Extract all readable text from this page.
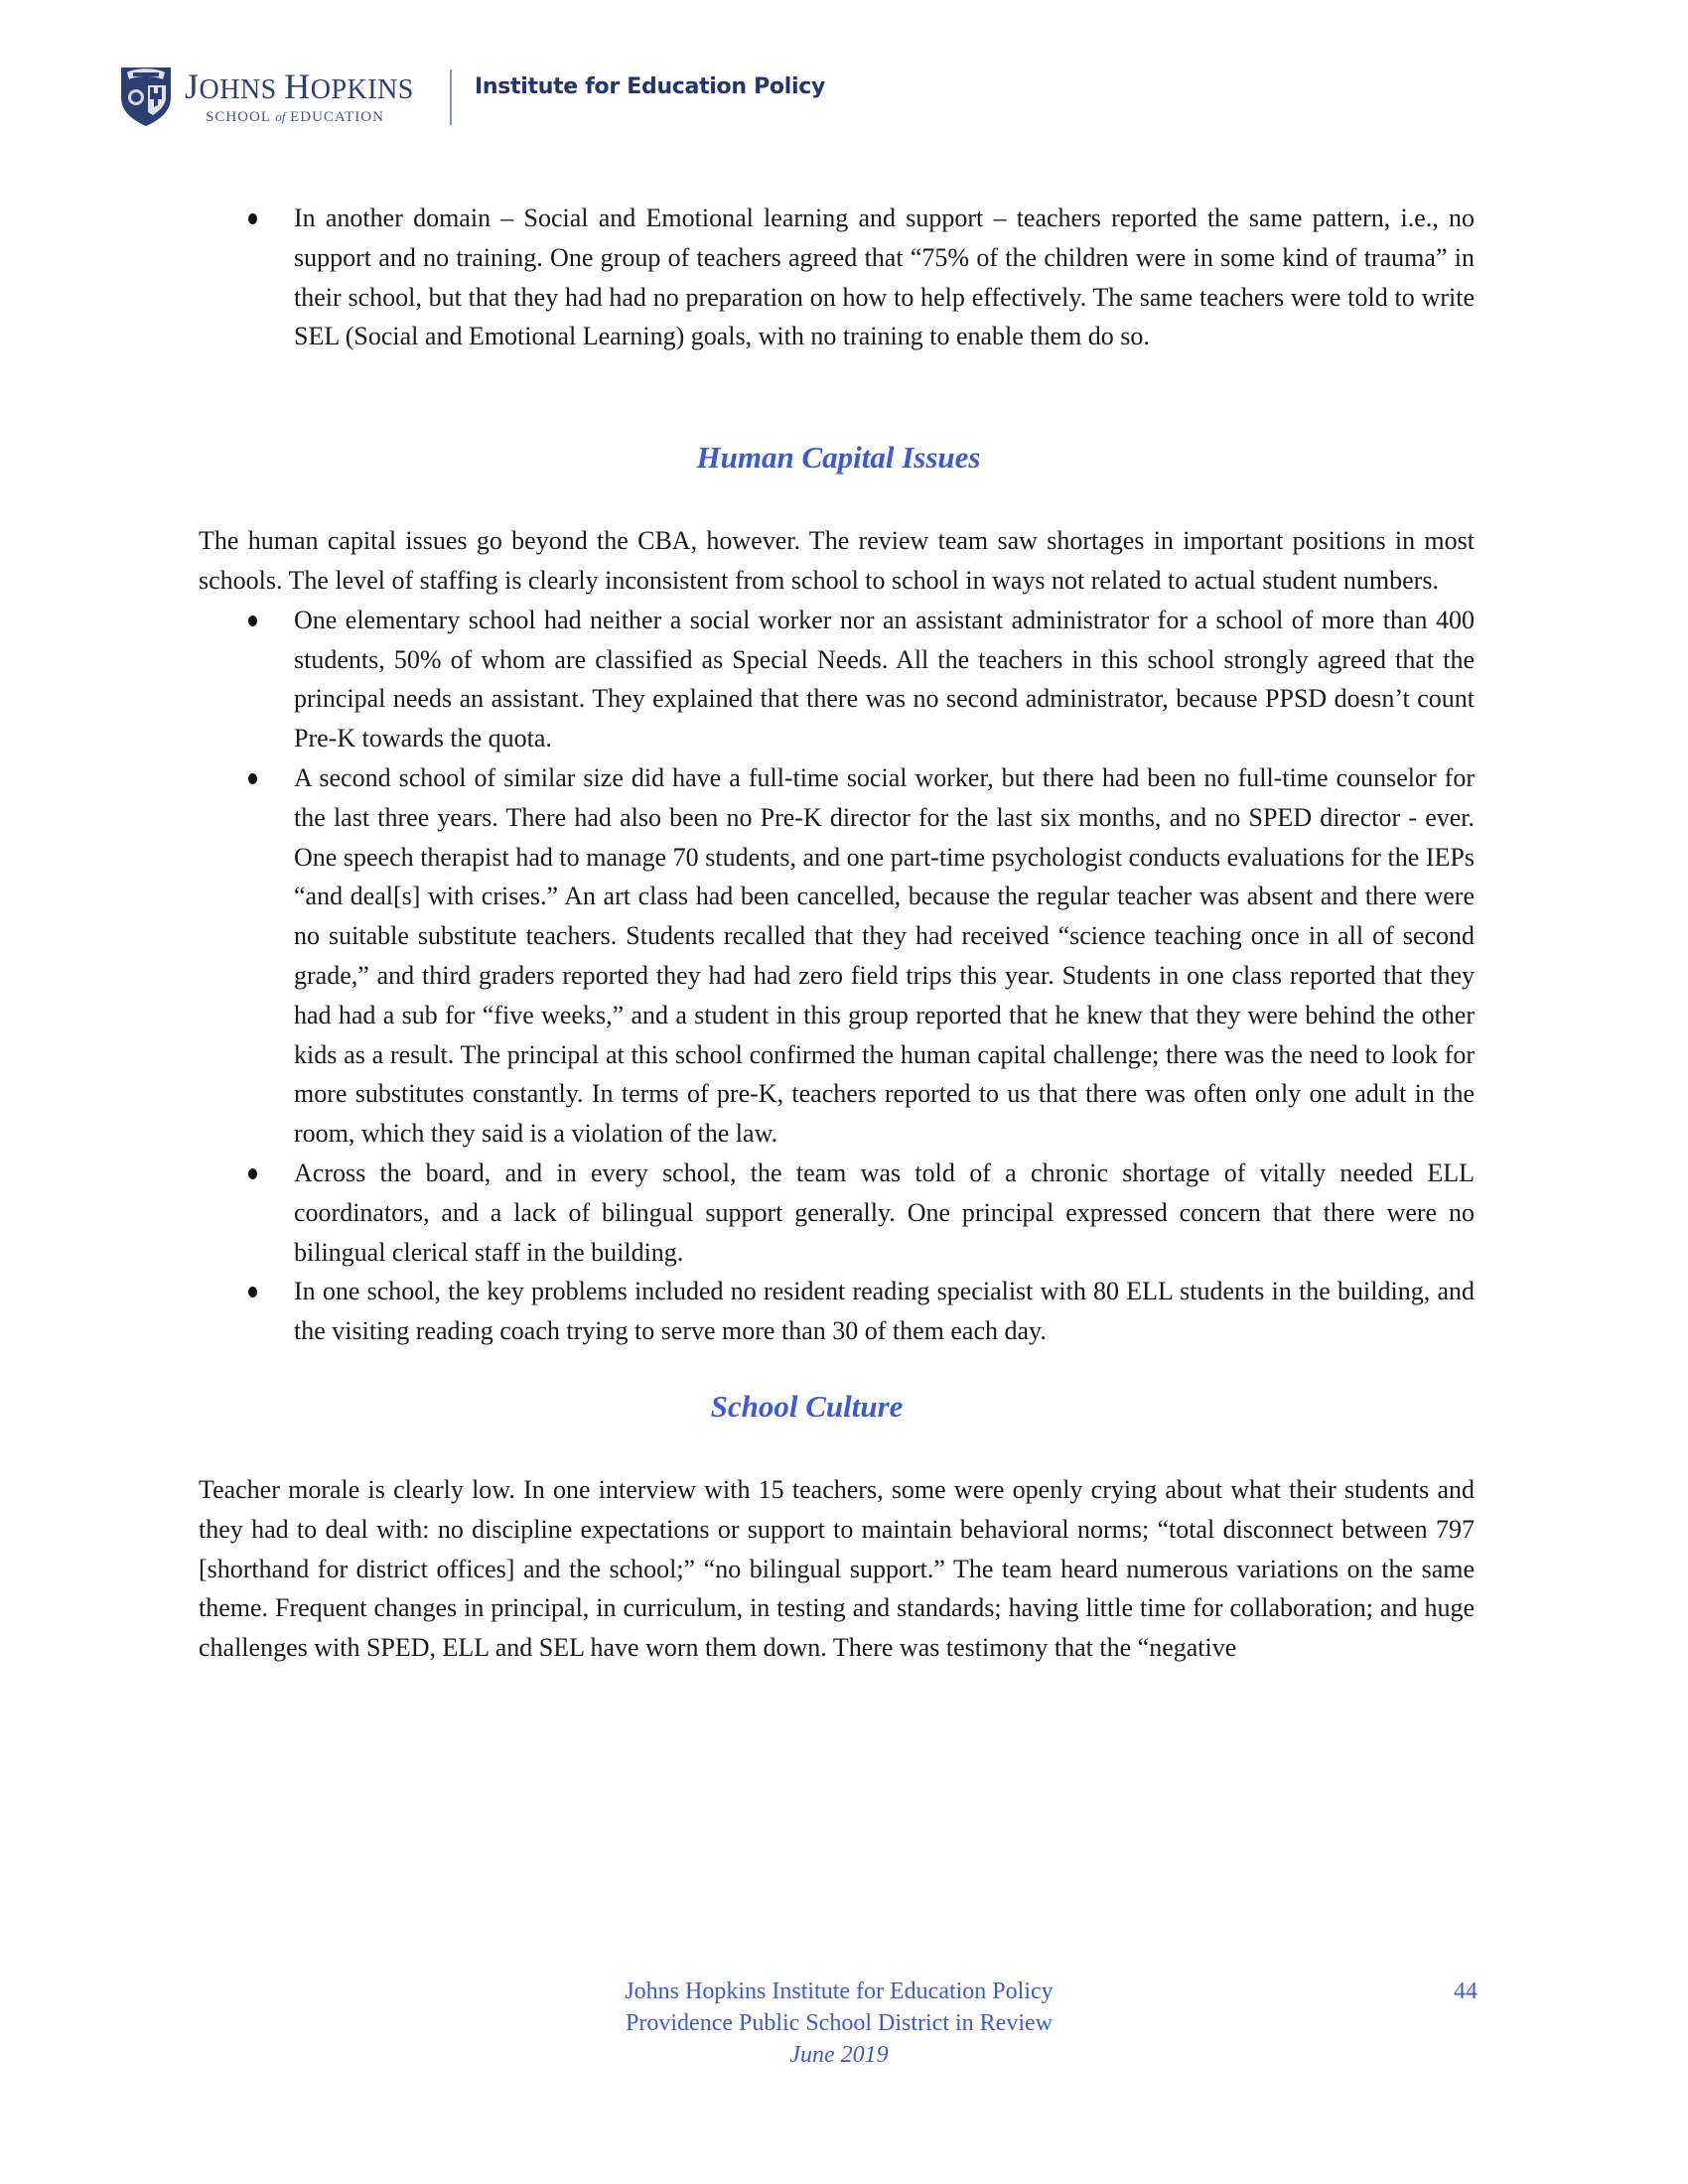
JOHNS HOPKINS
SCHOOL of EDUCATION
Institute for Education Policy
In another domain – Social and Emotional learning and support – teachers reported the same pattern, i.e., no support and no training. One group of teachers agreed that “75% of the children were in some kind of trauma” in their school, but that they had had no preparation on how to help effectively. The same teachers were told to write SEL (Social and Emotional Learning) goals, with no training to enable them do so.
Human Capital Issues

The human capital issues go beyond the CBA, however. The review team saw shortages in important positions in most schools. The level of staffing is clearly inconsistent from school to school in ways not related to actual student numbers.

One elementary school had neither a social worker nor an assistant administrator for a school of more than 400 students, 50% of whom are classified as Special Needs. All the teachers in this school strongly agreed that the principal needs an assistant. They explained that there was no second administrator, because PPSD doesn’t count Pre-K towards the quota.
A second school of similar size did have a full-time social worker, but there had been no full-time counselor for the last three years. There had also been no Pre-K director for the last six months, and no SPED director - ever. One speech therapist had to manage 70 students, and one part-time psychologist conducts evaluations for the IEPs “and deal[s] with crises.” An art class had been cancelled, because the regular teacher was absent and there were no suitable substitute teachers. Students recalled that they had received “science teaching once in all of second grade,” and third graders reported they had had zero field trips this year. Students in one class reported that they had had a sub for “five weeks,” and a student in this group reported that he knew that they were behind the other kids as a result. The principal at this school confirmed the human capital challenge; there was the need to look for more substitutes constantly. In terms of pre-K, teachers reported to us that there was often only one adult in the room, which they said is a violation of the law.
Across the board, and in every school, the team was told of a chronic shortage of vitally needed ELL coordinators, and a lack of bilingual support generally. One principal expressed concern that there were no bilingual clerical staff in the building.
In one school, the key problems included no resident reading specialist with 80 ELL students in the building, and the visiting reading coach trying to serve more than 30 of them each day.
School Culture

Teacher morale is clearly low. In one interview with 15 teachers, some were openly crying about what their students and they had to deal with: no discipline expectations or support to maintain behavioral norms; “total disconnect between 797 [shorthand for district offices] and the school;” “no bilingual support.” The team heard numerous variations on the same theme. Frequent changes in principal, in curriculum, in testing and standards; having little time for collaboration; and huge challenges with SPED, ELL and SEL have worn them down. There was testimony that the “negative

Johns Hopkins Institute for Education Policy
Providence Public School District in Review
June 2019
44
